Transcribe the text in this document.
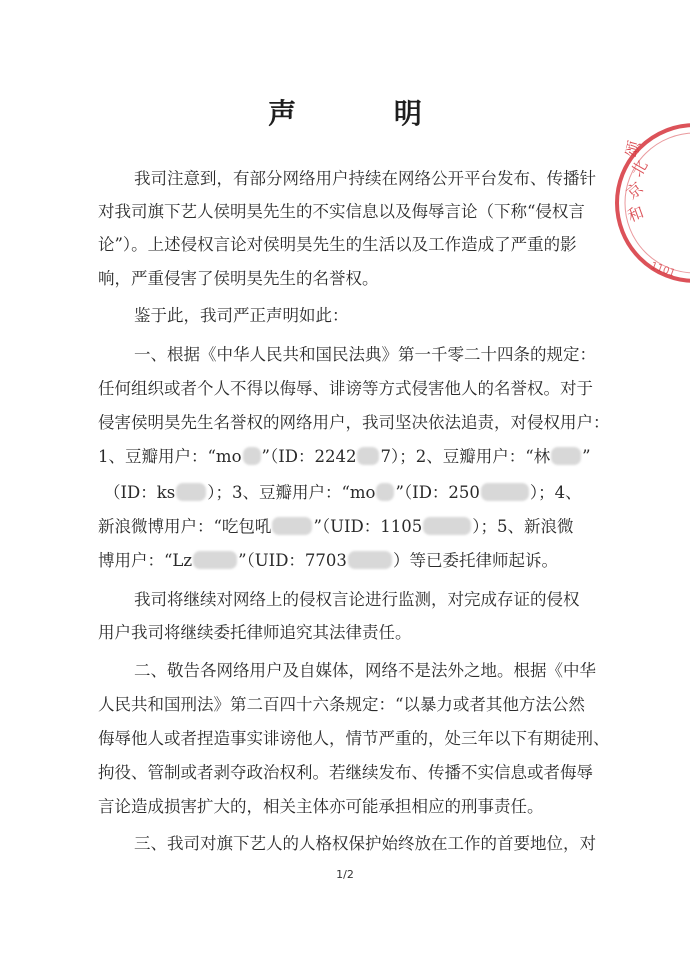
声 明
北
京
和
颂
1101
我司注意到，有部分网络用户持续在网络公开平台发布、传播针
对我司旗下艺人侯明昊先生的不实信息以及侮辱言论（下称“侵权言
论”）。上述侵权言论对侯明昊先生的生活以及工作造成了严重的影
响，严重侵害了侯明昊先生的名誉权。
鉴于此，我司严正声明如此：
一、根据《中华人民共和国民法典》第一千零二十四条的规定：
任何组织或者个人不得以侮辱、诽谤等方式侵害他人的名誉权。对于
侵害侯明昊先生名誉权的网络用户，我司坚决依法追责，对侵权用户：
1、豆瓣用户：“mo ”（ID：2242 7）；2、豆瓣用户：“林 ”
（ID：ks ）；3、豆瓣用户：“mo ”（ID：250	）；4、
新浪微博用户：“吃包吼	”（UID：1105	）；5、新浪微
博用户：“Lz	”（UID：7703	）等已委托律师起诉。
我司将继续对网络上的侵权言论进行监测，对完成存证的侵权
用户我司将继续委托律师追究其法律责任。
二、敬告各网络用户及自媒体，网络不是法外之地。根据《中华
人民共和国刑法》第二百四十六条规定：“以暴力或者其他方法公然
侮辱他人或者捏造事实诽谤他人，情节严重的，处三年以下有期徒刑、
拘役、管制或者剥夺政治权利。若继续发布、传播不实信息或者侮辱
言论造成损害扩大的，相关主体亦可能承担相应的刑事责任。
三、我司对旗下艺人的人格权保护始终放在工作的首要地位，对
1/2
